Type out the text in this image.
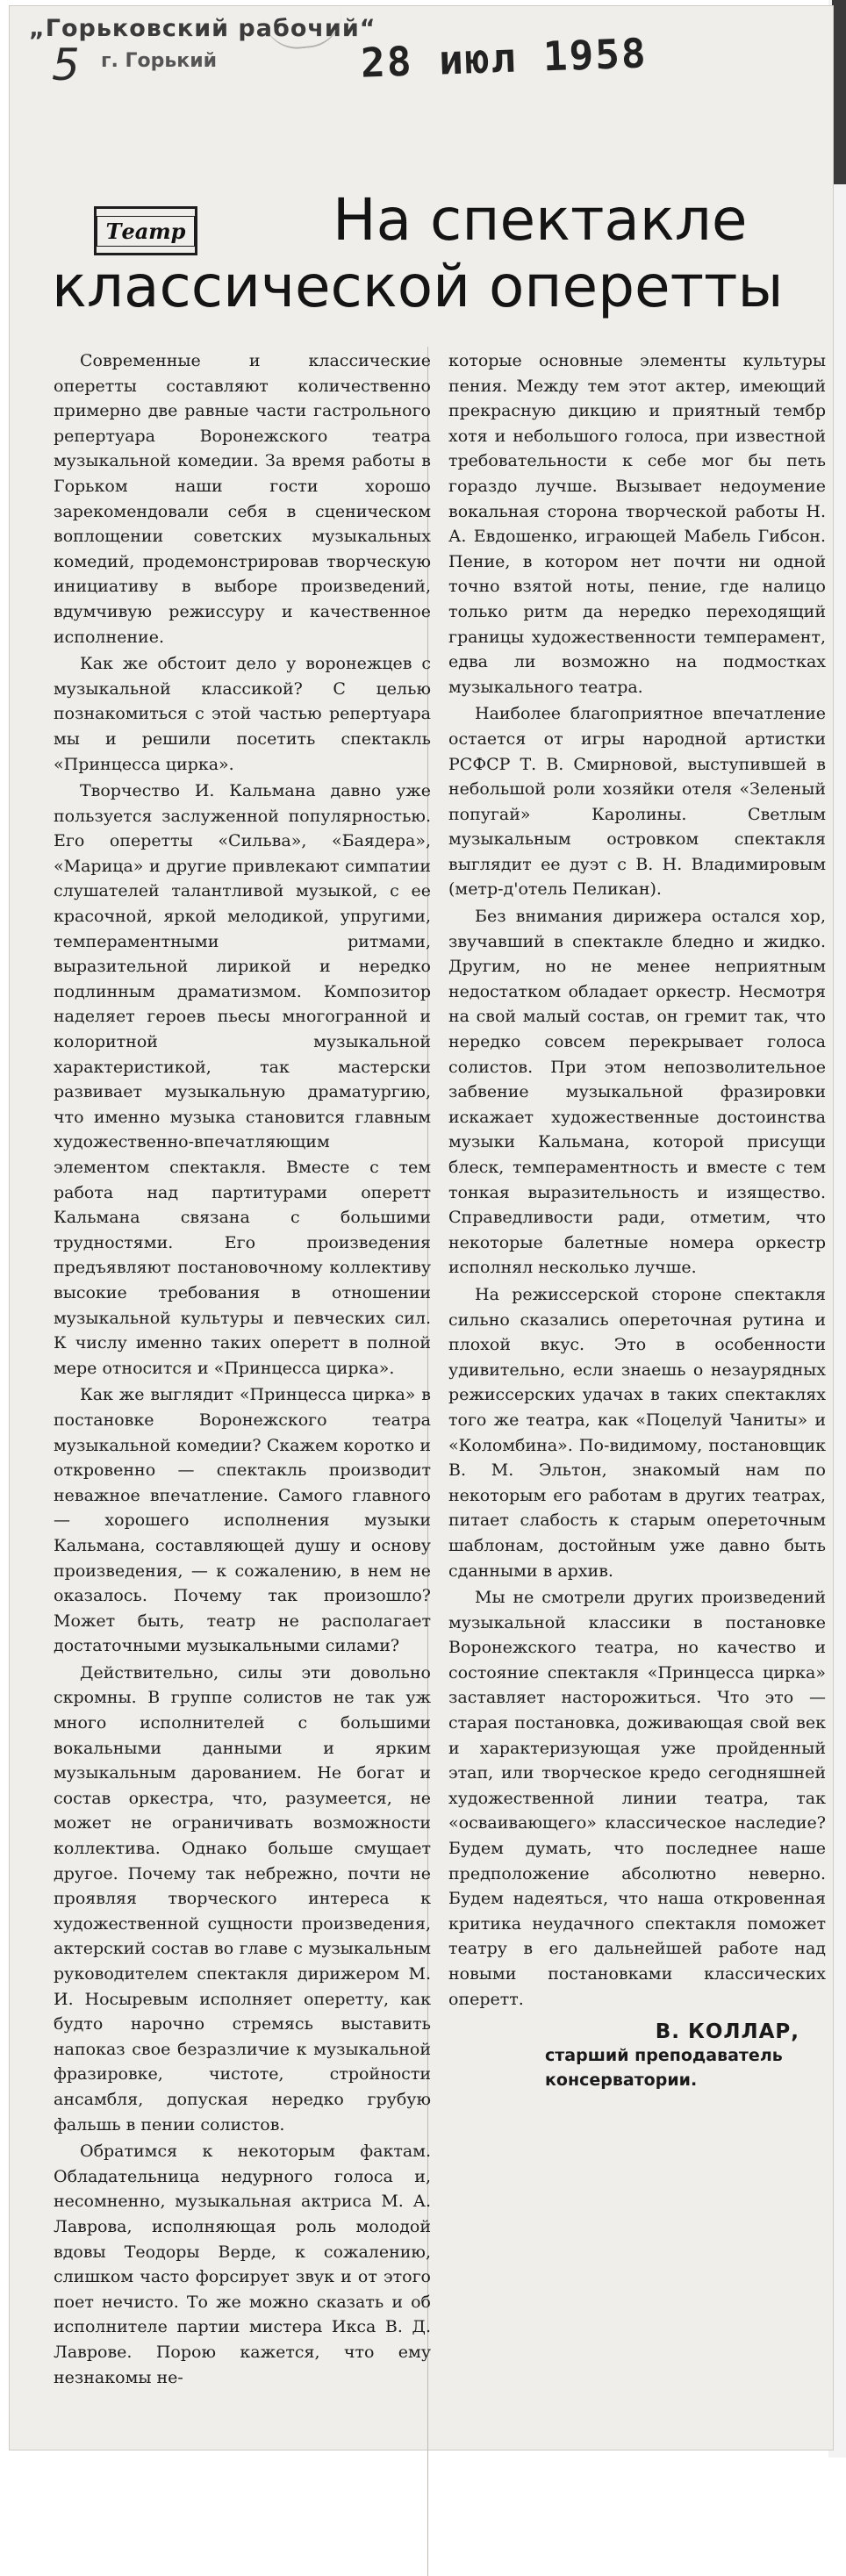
„Горьковский рабочий“
5 г. Горький	28 июл 1958
На спектакле
классической оперетты
Театр

Современные и классические оперетты составляют количественно примерно две равные части гастрольного репертуара Воронежского театра музыкальной комедии. За время работы в Горьком наши гости хорошо зарекомендовали себя в сценическом воплощении советских музыкальных комедий, продемонстрировав творческую инициативу в выборе произведений, вдумчивую режиссуру и качественное исполнение.

Как же обстоит дело у воронежцев с музыкальной классикой? С целью познакомиться с этой частью репертуара мы и решили посетить спектакль «Принцесса цирка».

Творчество И. Кальмана давно уже пользуется заслуженной популярностью. Его оперетты «Сильва», «Баядера», «Марица» и другие привлекают симпатии слушателей талантливой музыкой, с ее красочной, яркой мелодикой, упругими, темпераментными ритмами, выразительной лирикой и нередко подлинным драматизмом. Композитор наделяет героев пьесы многогранной и колоритной музыкальной характеристикой, так мастерски развивает музыкальную драматургию, что именно музыка становится главным художественно-впечатляющим элементом спектакля. Вместе с тем работа над партитурами оперетт Кальмана связана с большими трудностями. Его произведения предъявляют постановочному коллективу высокие требования в отношении музыкальной культуры и певческих сил. К числу именно таких оперетт в полной мере относится и «Принцесса цирка».

Как же выглядит «Принцесса цирка» в постановке Воронежского театра музыкальной комедии? Скажем коротко и откровенно — спектакль производит неважное впечатление. Самого главного — хорошего исполнения музыки Кальмана, составляющей душу и основу произведения, — к сожалению, в нем не оказалось. Почему так произошло? Может быть, театр не располагает достаточными музыкальными силами?

Действительно, силы эти довольно скромны. В группе солистов не так уж много исполнителей с большими вокальными данными и ярким музыкальным дарованием. Не богат и состав оркестра, что, разумеется, не может не ограничивать возможности коллектива. Однако больше смущает другое. Почему так небрежно, почти не проявляя творческого интереса к художественной сущности произведения, актерский состав во главе с музыкальным руководителем спектакля дирижером М. И. Носыревым исполняет оперетту, как будто нарочно стремясь выставить напоказ свое безразличие к музыкальной фразировке, чистоте, стройности ансамбля, допуская нередко грубую фальшь в пении солистов.

Обратимся к некоторым фактам. Обладательница недурного голоса и, несомненно, музыкальная актриса М. А. Лаврова, исполняющая роль молодой вдовы Теодоры Верде, к сожалению, слишком часто форсирует звук и от этого поет нечисто. То же можно сказать и об исполнителе партии мистера Икса В. Д. Лаврове. Порою кажется, что ему незнакомы не-

которые основные элементы культуры пения. Между тем этот актер, имеющий прекрасную дикцию и приятный тембр хотя и небольшого голоса, при известной требовательности к себе мог бы петь гораздо лучше. Вызывает недоумение вокальная сторона творческой работы Н. А. Евдошенко, играющей Мабель Гибсон. Пение, в котором нет почти ни одной точно взятой ноты, пение, где налицо только ритм да нередко переходящий границы художественности темперамент, едва ли возможно на подмостках музыкального театра.

Наиболее благоприятное впечатление остается от игры народной артистки РСФСР Т. В. Смирновой, выступившей в небольшой роли хозяйки отеля «Зеленый попугай» Каролины. Светлым музыкальным островком спектакля выглядит ее дуэт с В. Н. Владимировым (метр-д'отель Пеликан).

Без внимания дирижера остался хор, звучавший в спектакле бледно и жидко. Другим, но не менее неприятным недостатком обладает оркестр. Несмотря на свой малый состав, он гремит так, что нередко совсем перекрывает голоса солистов. При этом непозволительное забвение музыкальной фразировки искажает художественные достоинства музыки Кальмана, которой присущи блеск, темпераментность и вместе с тем тонкая выразительность и изящество. Справедливости ради, отметим, что некоторые балетные номера оркестр исполнял несколько лучше.

На режиссерской стороне спектакля сильно сказались опереточная рутина и плохой вкус. Это в особенности удивительно, если знаешь о незаурядных режиссерских удачах в таких спектаклях того же театра, как «Поцелуй Чаниты» и «Коломбина». По-видимому, постановщик В. М. Эльтон, знакомый нам по некоторым его работам в других театрах, питает слабость к старым опереточным шаблонам, достойным уже давно быть сданными в архив.

Мы не смотрели других произведений музыкальной классики в постановке Воронежского театра, но качество и состояние спектакля «Принцесса цирка» заставляет насторожиться. Что это — старая постановка, доживающая свой век и характеризующая уже пройденный этап, или творческое кредо сегодняшней художественной линии театра, так «осваивающего» классическое наследие? Будем думать, что последнее наше предположение абсолютно неверно. Будем надеяться, что наша откровенная критика неудачного спектакля поможет театру в его дальнейшей работе над новыми постановками классических оперетт.

В. КОЛЛАР,
старший преподаватель консерватории.
